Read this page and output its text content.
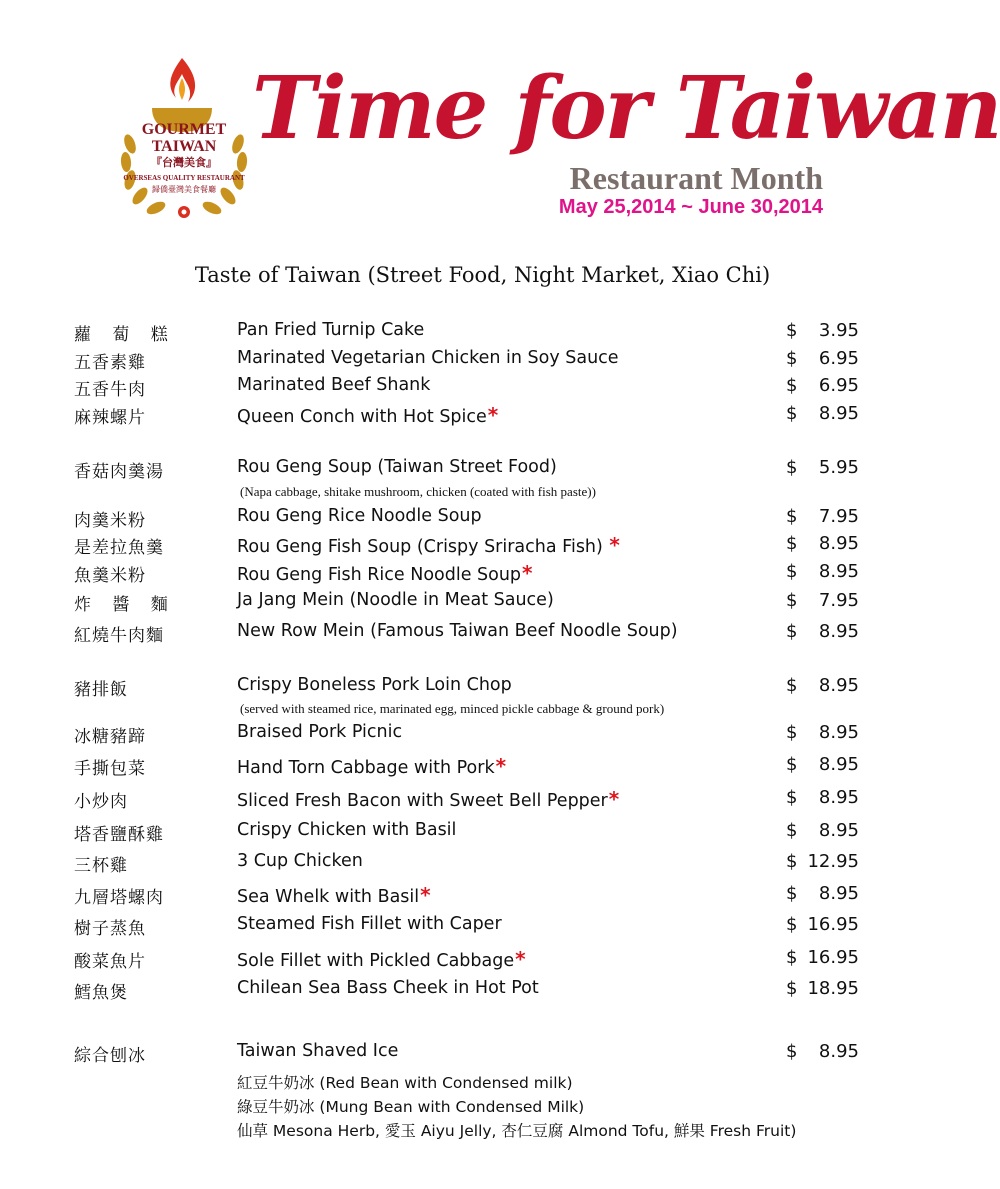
GOURMET
TAIWAN
『台灣美食』
OVERSEAS QUALITY RESTAURANT
歸僑臺灣美食餐廳
Time for Taiwan
Restaurant Month
May 25,2014 ~ June 30,2014
Taste of Taiwan (Street Food, Night Market, Xiao Chi)
蘿 蔔 糕	Pan Fried Turnip Cake	$ 3.95
五香素雞	Marinated Vegetarian Chicken in Soy Sauce	$ 6.95
五香牛肉	Marinated Beef Shank	$ 6.95
麻辣螺片	Queen Conch with Hot Spice*	$ 8.95
香菇肉羹湯	Rou Geng Soup (Taiwan Street Food)	$ 5.95
肉羹米粉	Rou Geng Rice Noodle Soup	$ 7.95
是差拉魚羹	Rou Geng Fish Soup (Crispy Sriracha Fish) *	$ 8.95
魚羹米粉	Rou Geng Fish Rice Noodle Soup*	$ 8.95
炸 醬 麵	Ja Jang Mein (Noodle in Meat Sauce)	$ 7.95
紅燒牛肉麵	New Row Mein (Famous Taiwan Beef Noodle Soup)	$ 8.95
豬排飯	Crispy Boneless Pork Loin Chop	$ 8.95
冰糖豬蹄	Braised Pork Picnic	$ 8.95
手撕包菜	Hand Torn Cabbage with Pork*	$ 8.95
小炒肉	Sliced Fresh Bacon with Sweet Bell Pepper*	$ 8.95
塔香鹽酥雞	Crispy Chicken with Basil	$ 8.95
三杯雞	3 Cup Chicken	$ 12.95
九層塔螺肉	Sea Whelk with Basil*	$ 8.95
樹子蒸魚	Steamed Fish Fillet with Caper	$ 16.95
酸菜魚片	Sole Fillet with Pickled Cabbage*	$ 16.95
鱈魚煲	Chilean Sea Bass Cheek in Hot Pot	$ 18.95
綜合刨冰	Taiwan Shaved Ice	$ 8.95
(Napa cabbage, shitake mushroom, chicken (coated with fish paste))
(served with steamed rice, marinated egg, minced pickle cabbage & ground pork)
紅豆牛奶冰 (Red Bean with Condensed milk)
綠豆牛奶冰 (Mung Bean with Condensed Milk)
仙草 Mesona Herb, 愛玉 Aiyu Jelly, 杏仁豆腐 Almond Tofu, 鮮果 Fresh Fruit)
